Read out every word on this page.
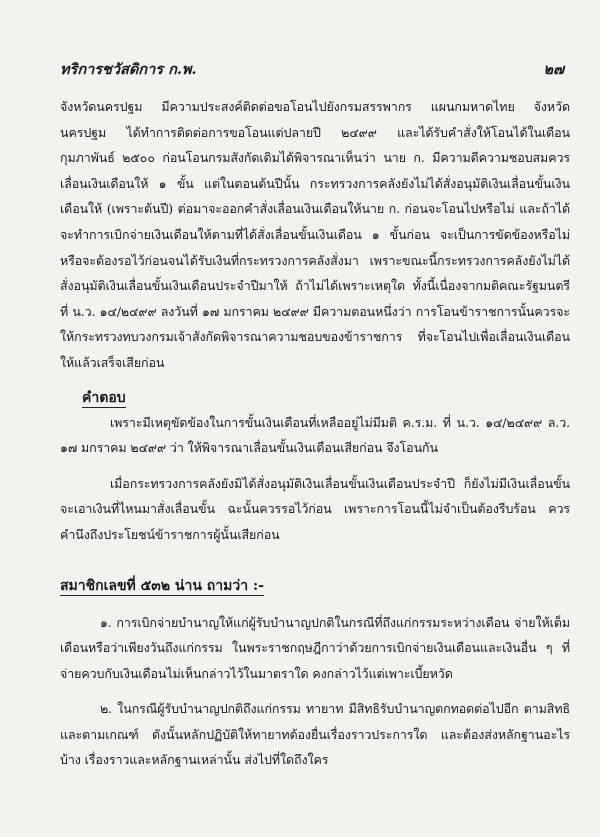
ทริการชวัสดิการ ก.พ.	๒๗

จังหวัดนครปฐม มีความประสงค์ติดต่อขอโอนไปยังกรมสรรพากร แผนกมหาดไทย จังหวัดนครปฐม ได้ทำการติดต่อการขอโอนแต่ปลายปี ๒๔๙๙ และได้รับคำสั่งให้โอนได้ในเดือนกุมภาพันธ์ ๒๕๐๐ ก่อนโอนกรมสังกัดเดิมได้พิจารณาเห็นว่า นาย ก. มีความดีความชอบสมควรเลื่อนเงินเดือนให้ ๑ ขั้น แต่ในตอนต้นปีนั้น กระทรวงการคลังยังไม่ได้สั่งอนุมัติเงินเลื่อนขั้นเงินเดือนให้ (เพราะต้นปี) ต่อมาจะออกคำสั่งเลื่อนเงินเดือนให้นาย ก. ก่อนจะโอนไปหรือไม่ และถ้าได้จะทำการเบิกจ่ายเงินเดือนให้ตามที่ได้สั่งเลื่อนขั้นเงินเดือน ๑ ขั้นก่อน จะเป็นการขัดข้องหรือไม่ หรือจะต้องรอไว้ก่อนจนได้รับเงินที่กระทรวงการคลังสั่งมา เพราะขณะนี้กระทรวงการคลังยังไม่ได้สั่งอนุมัติเงินเลื่อนขั้นเงินเดือนประจำปีมาให้ ถ้าไม่ได้เพราะเหตุใด ทั้งนี้เนื่องจากมติคณะรัฐมนตรีที่ น.ว. ๑๔/๒๔๙๙ ลงวันที่ ๑๗ มกราคม ๒๔๙๙ มีความตอนหนึ่งว่า การโอนข้าราชการนั้นควรจะให้กระทรวงทบวงกรมเจ้าสังกัดพิจารณาความชอบของข้าราชการ ที่จะโอนไปเพื่อเลื่อนเงินเดือนให้แล้วเสร็จเสียก่อน

คำตอบ

เพราะมีเหตุขัดข้องในการขั้นเงินเดือนที่เหลืออยู่ไม่มีมติ ค.ร.ม. ที่ น.ว. ๑๔/๒๔๙๙ ล.ว. ๑๗ มกราคม ๒๔๙๙ ว่า ให้พิจารณาเลื่อนขั้นเงินเดือนเสียก่อน จึงโอนกัน

เมื่อกระทรวงการคลังยังมิได้สั่งอนุมัติเงินเลื่อนขั้นเงินเดือนประจำปี ก็ยังไม่มีเงินเลื่อนขั้น จะเอาเงินที่ไหนมาสั่งเลื่อนขั้น ฉะนั้นควรรอไว้ก่อน เพราะการโอนนี้ไม่จำเป็นต้องรีบร้อน ควรคำนึงถึงประโยชน์ข้าราชการผู้นั้นเสียก่อน

สมาชิกเลขที่ ๕๓๒ น่าน ถามว่า :-

๑. การเบิกจ่ายบำนาญให้แก่ผู้รับบำนาญปกติในกรณีที่ถึงแก่กรรมระหว่างเดือน จ่ายให้เต็มเดือนหรือว่าเพียงวันถึงแก่กรรม ในพระราชกฤษฎีกาว่าด้วยการเบิกจ่ายเงินเดือนและเงินอื่น ๆ ที่จ่ายควบกับเงินเดือนไม่เห็นกล่าวไว้ในมาตราใด คงกล่าวไว้แต่เพาะเบี้ยหวัด

๒. ในกรณีผู้รับบำนาญปกติถึงแก่กรรม ทายาท มีสิทธิรับบำนาญตกทอดต่อไปอีก ตามสิทธิ และตามเกณฑ์ ดังนั้นหลักปฏิบัติให้ทายาทต้องยื่นเรื่องราวประการใด และต้องส่งหลักฐานอะไรบ้าง เรื่องราวและหลักฐานเหล่านั้น ส่งไปที่ใดถึงใคร
